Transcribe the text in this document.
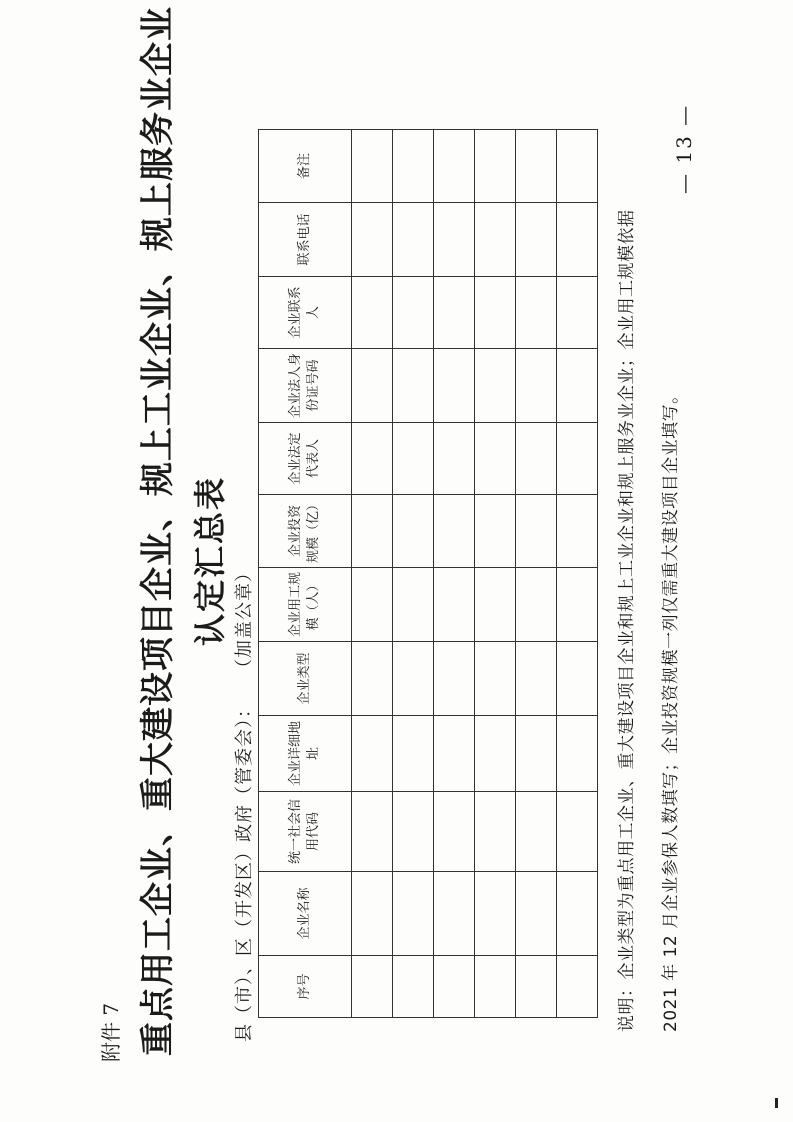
附件 7 重点用工企业、重大建设项目企业、规上工业企业、规上服务业企业 认定汇总表
县（市）、区（开发区）政府（管委会）：（加盖公章）
序号	企业名称	统一社会信用代码	企业详细地址	企业类型	企业用工规模（人）	企业投资规模（亿）	企业法定代表人	企业法人身份证号码	企业联系人	联系电话	备注

说明：企业类型为重点用工企业、重大建设项目企业和规上工业企业和规上服务业企业；企业用工规模依据 2021 年 12 月企业参保人数填写；企业投资规模一列仅需重大建设项目企业填写。
— 13 —
